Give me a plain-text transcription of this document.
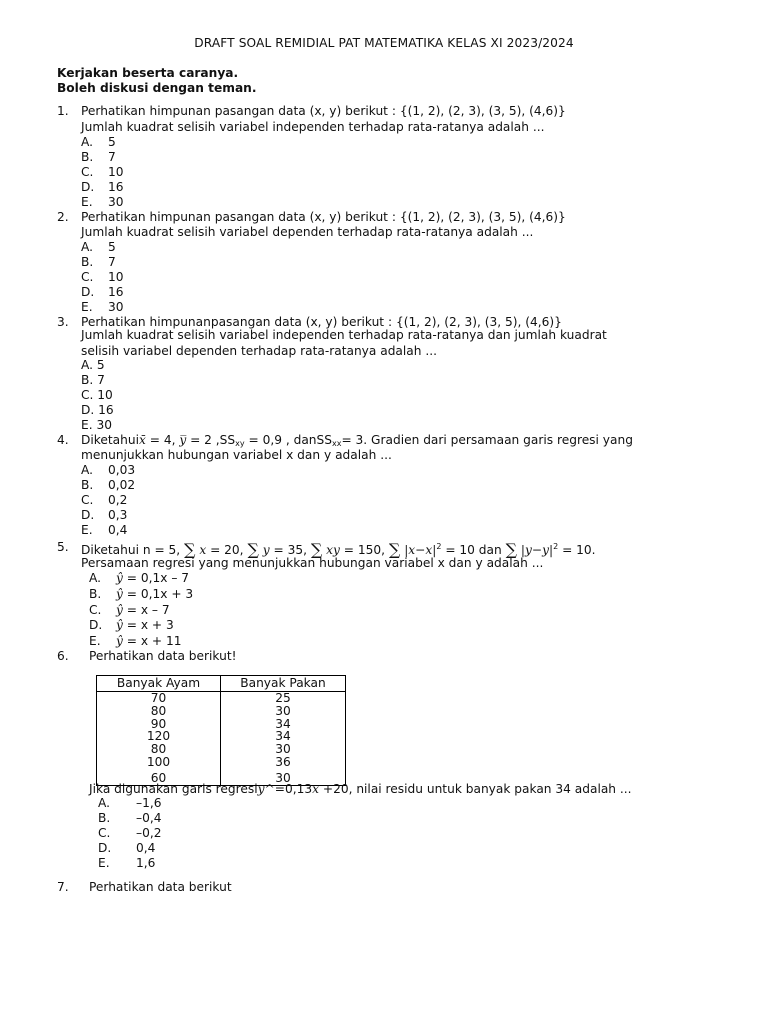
DRAFT SOAL REMIDIAL PAT MATEMATIKA KELAS XI 2023/2024
Kerjakan beserta caranya.
Boleh diskusi dengan teman.
1. Perhatikan himpunan pasangan data (x, y) berikut : {(1, 2), (2, 3), (3, 5), (4,6)}
Jumlah kuadrat selisih variabel independen terhadap rata-ratanya adalah ...
A. 5
B. 7
C. 10
D. 16
E. 30
2. Perhatikan himpunan pasangan data (x, y) berikut : {(1, 2), (2, 3), (3, 5), (4,6)}
Jumlah kuadrat selisih variabel dependen terhadap rata-ratanya adalah ...
A. 5
B. 7
C. 10
D. 16
E. 30
3. Perhatikan himpunanpasangan data (x, y) berikut : {(1, 2), (2, 3), (3, 5), (4,6)}
Jumlah kuadrat selisih variabel independen terhadap rata-ratanya dan jumlah kuadrat
selisih variabel dependen terhadap rata-ratanya adalah ...
A. 5
B. 7
C. 10
D. 16
E. 30
4. Diketahuix̄ = 4, y̅ = 2 $,SS_{xy} = 0,9$ , danSS$_{xx}$= 3. Gradien dari persamaan garis regresi yang
menunjukkan hubungan variabel x dan y adalah ...
A. 0,03
B. 0,02
C. 0,2
D. 0,3
E. 0,4
5. Diketahui n = 5, ∑ x = 20, ∑ y = 35, ∑ xy = 150, ∑ $|x-x|^2 = 10$ dan ∑ $|y-y|^2 = 10$.
Persamaan regresi yang menunjukkan hubungan variabel x dan y adalah ...
A. ŷ = 0,1x – 7
B. ŷ = 0,1x + 3
C. ŷ = x – 7
D. ŷ = x + 3
E. ŷ = x + 11
6. Perhatikan data berikut!
Banyak Ayam	Banyak Pakan
70	25
80	30
90	34
120	34
80	30
100	36
60	30
Jika digunakan garis regresiy^=0,13x +20, nilai residu untuk banyak pakan 34 adalah ...
A. –1,6
B. –0,4
C. –0,2
D. 0,4
E. 1,6
7. Perhatikan data berikut
